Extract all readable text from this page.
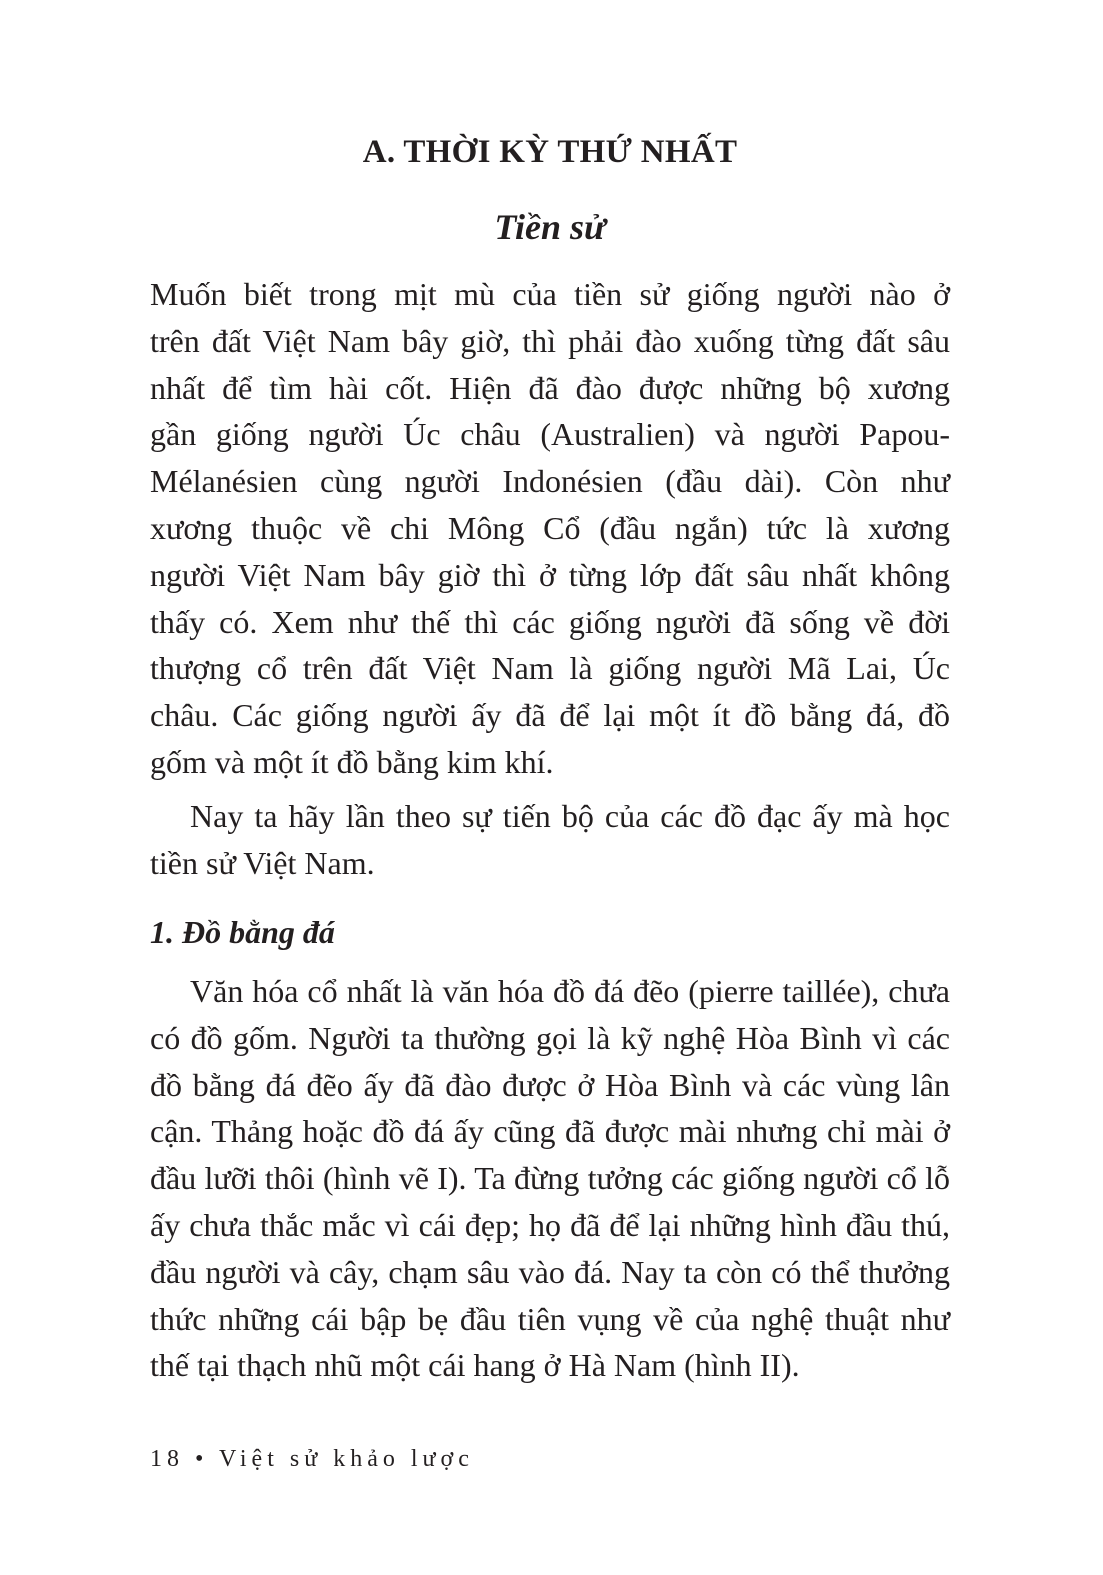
A. THỜI KỲ THỨ NHẤT
Tiền sử

Muốn biết trong mịt mù của tiền sử giống người nào ở
trên đất Việt Nam bây giờ, thì phải đào xuống từng đất sâu
nhất để tìm hài cốt. Hiện đã đào được những bộ xương
gần giống người Úc châu (Australien) và người Papou-
Mélanésien cùng người Indonésien (đầu dài). Còn như
xương thuộc về chi Mông Cổ (đầu ngắn) tức là xương
người Việt Nam bây giờ thì ở từng lớp đất sâu nhất không
thấy có. Xem như thế thì các giống người đã sống về đời
thượng cổ trên đất Việt Nam là giống người Mã Lai, Úc
châu. Các giống người ấy đã để lại một ít đồ bằng đá, đồ
gốm và một ít đồ bằng kim khí.

Nay ta hãy lần theo sự tiến bộ của các đồ đạc ấy mà học
tiền sử Việt Nam.

1. Đồ bằng đá

Văn hóa cổ nhất là văn hóa đồ đá đẽo (pierre taillée), chưa
có đồ gốm. Người ta thường gọi là kỹ nghệ Hòa Bình vì các
đồ bằng đá đẽo ấy đã đào được ở Hòa Bình và các vùng lân
cận. Thảng hoặc đồ đá ấy cũng đã được mài nhưng chỉ mài ở
đầu lưỡi thôi (hình vẽ I). Ta đừng tưởng các giống người cổ lỗ
ấy chưa thắc mắc vì cái đẹp; họ đã để lại những hình đầu thú,
đầu người và cây, chạm sâu vào đá. Nay ta còn có thể thưởng
thức những cái bập bẹ đầu tiên vụng về của nghệ thuật như
thế tại thạch nhũ một cái hang ở Hà Nam (hình II).

18 • Việt sử khảo lược
